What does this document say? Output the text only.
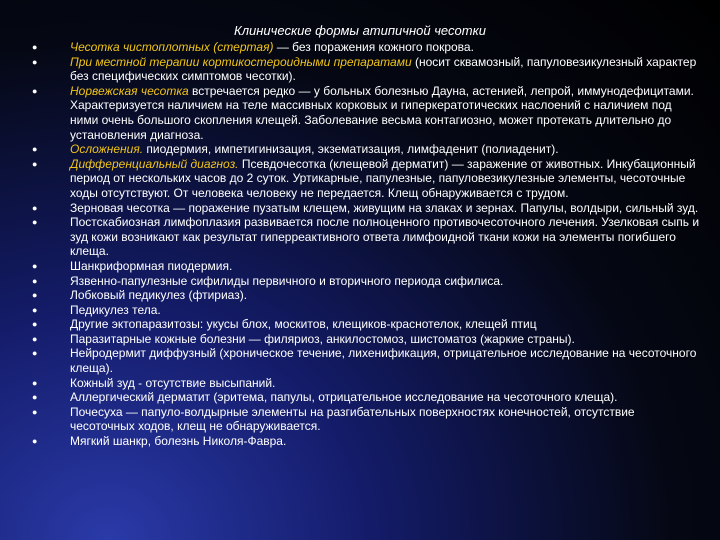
Клинические формы атипичной чесотки
●	Чесотка чистоплотных (стертая) — без поражения кожного покрова.
●	При местной терапии кортикостероидными препаратами (носит сквамозный, папуловезикулезный характер без специфических симптомов чесотки).
●	Норвежская чесотка встречается редко — у больных болезнью Дауна, астенией, лепрой, иммунодефицитами. Характеризуется наличием на теле массивных корковых и гиперкератотических наслоений с наличием под ними очень большого скопления клещей. Заболевание весьма контагиозно, может протекать длительно до установления диагноза.
●	Осложнения. пиодермия, импетигинизация, экзематизация, лимфаденит (полиаденит).
●	Дифференциальный диагноз. Псевдочесотка (клещевой дерматит) — заражение от животных. Инкубационный период от нескольких часов до 2 суток. Уртикарные, папулезные, папуловезикулезные элементы, чесоточные ходы отсутствуют. От человека человеку не передается. Клещ обнаруживается с трудом.
●	Зерновая чесотка — поражение пузатым клещем, живущим на злаках и зернах. Папулы, волдыри, сильный зуд.
●	Постскабиозная лимфоплазия развивается после полноценного противочесоточного лечения. Узелковая сыпь и зуд кожи возникают как результат гиперреактивного ответа лимфоидной ткани кожи на элементы погибшего клеща.
●	Шанкриформная пиодермия.
●	Язвенно-папулезные сифилиды первичного и вторичного периода сифилиса.
●	Лобковый педикулез (фтириаз).
●	Педикулез тела.
●	Другие эктопаразитозы: укусы блох, москитов, клещиков-краснотелок, клещей птиц
●	Паразитарные кожные болезни — филяриоз, анкилостомоз, шистоматоз (жаркие страны).
●	Нейродермит диффузный (хроническое течение, лихенификация, отрицательное исследование на чесоточного клеща).
●	Кожный зуд - отсутствие высыпаний.
●	Аллергический дерматит (эритема, папулы, отрицательное исследование на чесоточного клеща).
●	Почесуха — папуло-волдырные элементы на разгибательных поверхностях конечностей, отсутствие чесоточных ходов, клещ не обнаруживается.
●	Мягкий шанкр, болезнь Николя-Фавра.
